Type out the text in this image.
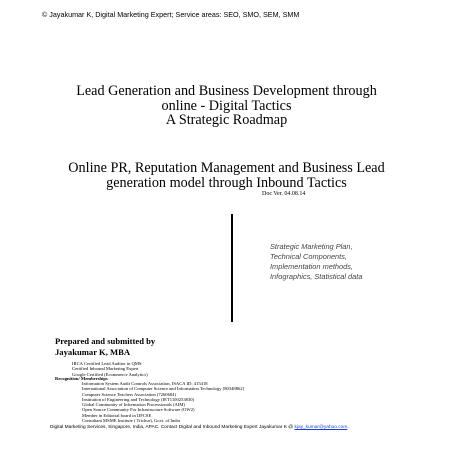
© Jayakumar K, Digital Marketing Expert; Service areas: SEO, SMO, SEM, SMM
Lead Generation and Business Development through
online - Digital Tactics
A Strategic Roadmap
Online PR, Reputation Management and Business Lead
generation model through Inbound Tactics
Doc Ver. 04.08.14
Strategic Marketing Plan,
Technical Components,
Implementation methods,
Infographics, Statistical data
Prepared and submitted by
Jayakumar K, MBA
IRCA Certified Lead Auditor in QMS
Certified Inbound Marketing Expert
Google Certified (Ecommerce Analytics)
Recognition/ Memberships
Information System Audit Controls Association, ISACA ID: 415418
International Association of Computer Science and Information Technology [80348862]
Computer Science Teachers Association (7260684)
Institution of Engineering and Technology (IET1100253830)
Global Community of Information Processionals (AIM)
Open Source Community For Infrastructure Software (OW2)
Member in Editorial board in IJFCSE
Consultant MSME Institute ( Trichur), Govt. of India
Digital Marketing Services, Singapore, India, APAC. Contact Digital and Inbound Marketing Expert Jayakumar K @ kjay_kumar@yahoo.com.
